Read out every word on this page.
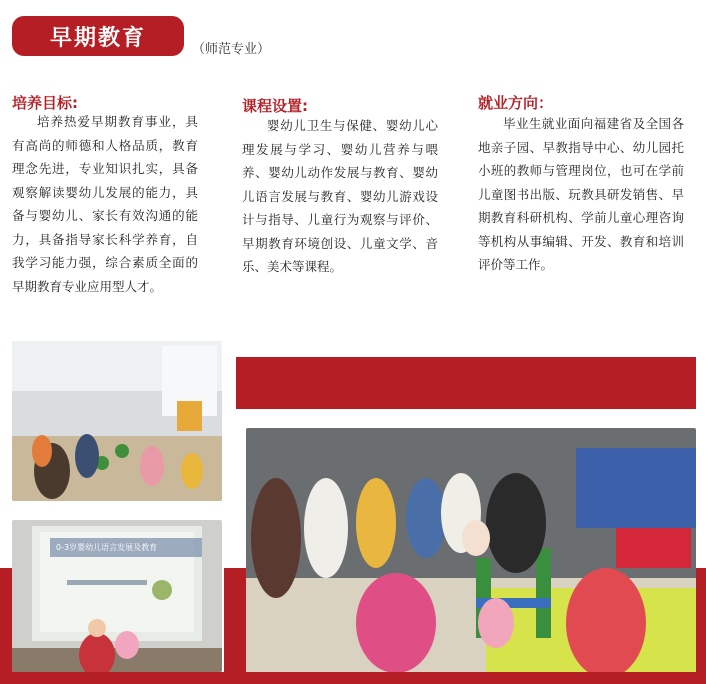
早期教育	（师范专业）
培养目标:
培养热爱早期教育事业，具有高尚的师德和人格品质，教育理念先进，专业知识扎实，具备观察解读婴幼儿发展的能力，具备与婴幼儿、家长有效沟通的能力，具备指导家长科学养育，自我学习能力强，综合素质全面的早期教育专业应用型人才。
课程设置:
婴幼儿卫生与保健、婴幼儿心理发展与学习、婴幼儿营养与喂养、婴幼儿动作发展与教育、婴幼儿语言发展与教育、婴幼儿游戏设计与指导、儿童行为观察与评价、早期教育环境创设、儿童文学、音乐、美术等课程。
就业方向：
毕业生就业面向福建省及全国各地亲子园、早教指导中心、幼儿园托小班的教师与管理岗位，也可在学前儿童图书出版、玩教具研发销售、早期教育科研机构、学前儿童心理咨询等机构从事编辑、开发、教育和培训评价等工作。
0-3岁婴幼儿语言发展及教育
